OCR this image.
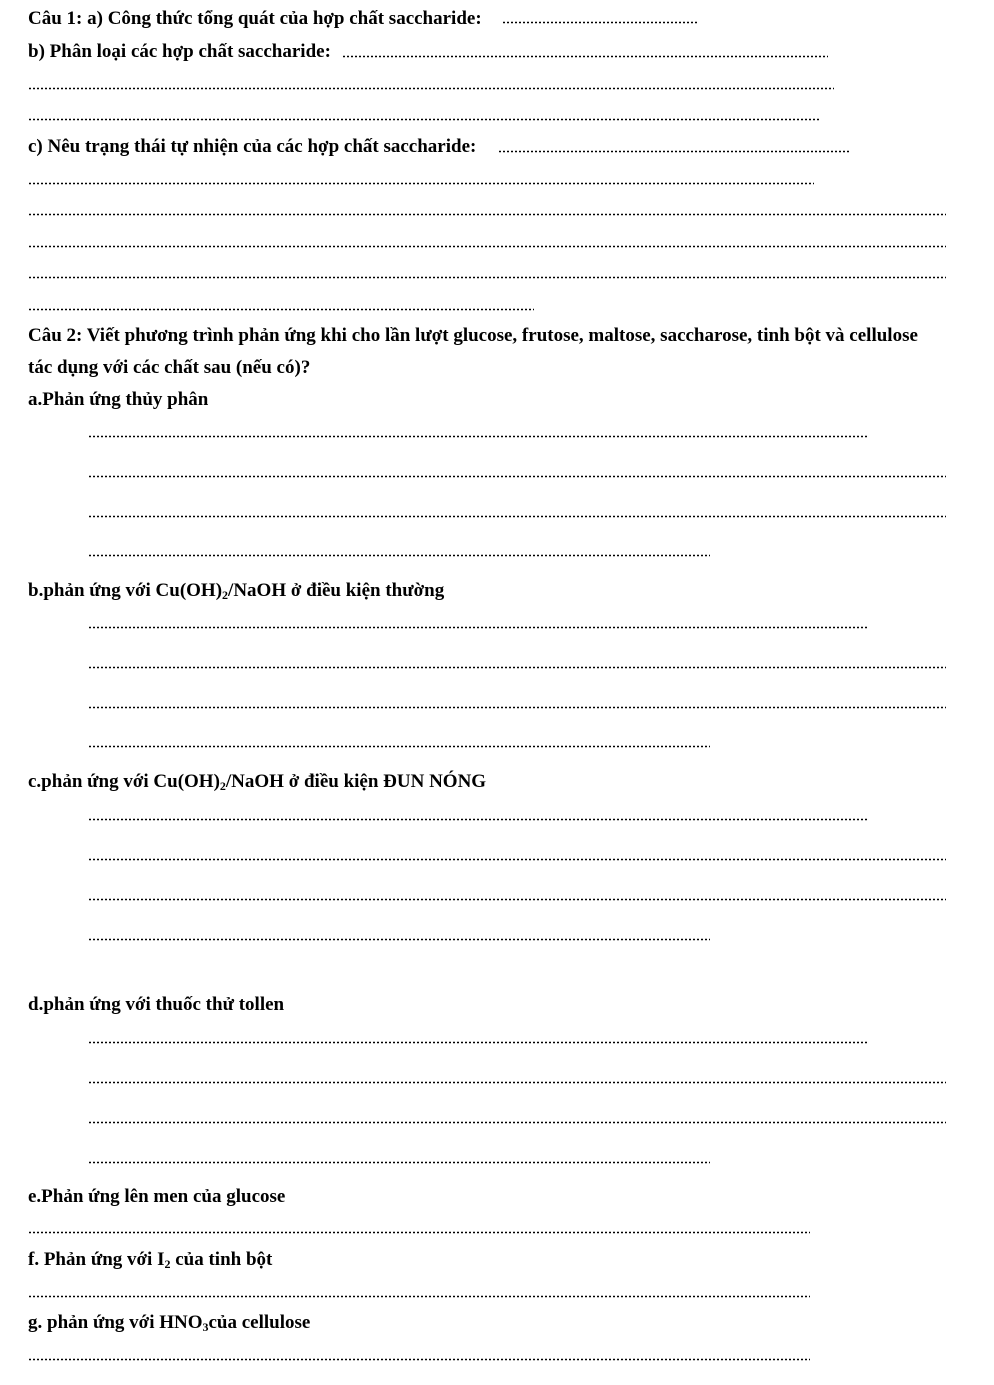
Câu 1: a) Công thức tổng quát của hợp chất saccharide:
b) Phân loại các hợp chất saccharide:
c) Nêu trạng thái tự nhiện của các hợp chất saccharide:
Câu 2: Viết phương trình phản ứng khi cho lần lượt glucose, frutose, maltose, saccharose, tinh bột và cellulose
tác dụng với các chất sau (nếu có)?
a.Phản ứng thủy phân
b.phản ứng với $Cu(OH)_2$/NaOH ở điều kiện thường
c.phản ứng với $Cu(OH)_2$/NaOH ở điều kiện ĐUN NÓNG
d.phản ứng với thuốc thử tollen
e.Phản ứng lên men của glucose
f. Phản ứng với $I_2$ của tinh bột
g. phản ứng với $HNO_3của$ cellulose
